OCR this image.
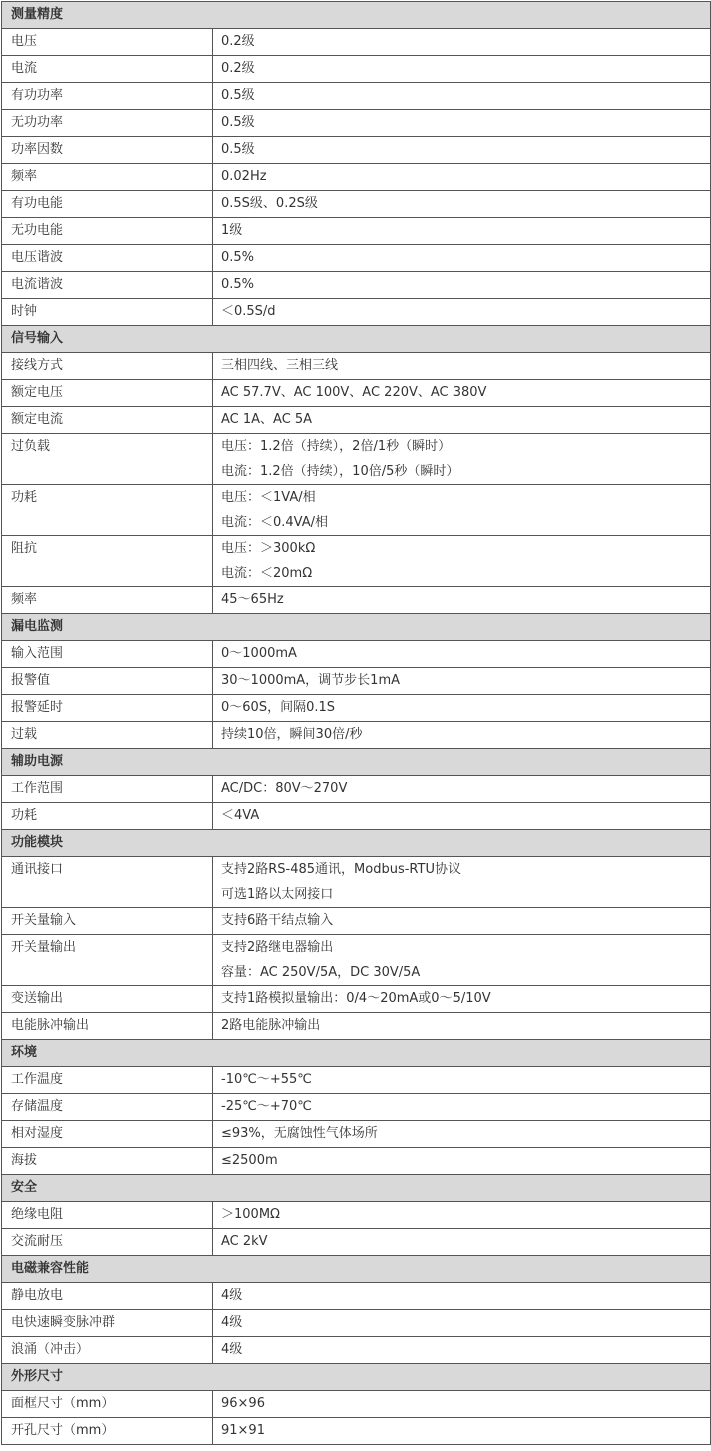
测量精度	
电压	0.2级
电流	0.2级
有功功率	0.5级
无功功率	0.5级
功率因数	0.5级
频率	0.02Hz
有功电能	0.5S级、0.2S级
无功电能	1级
电压谐波	0.5%
电流谐波	0.5%
时钟	＜0.5S/d
信号输入	
接线方式	三相四线、三相三线
额定电压	AC 57.7V、AC 100V、AC 220V、AC 380V
额定电流	AC 1A、AC 5A

过负载	电压：1.2倍（持续），2倍/1秒（瞬时）
电流：1.2倍（持续），10倍/5秒（瞬时）

功耗	电压：＜1VA/相
电流：＜0.4VA/相

阻抗	电压：＞300kΩ
电流：＜20mΩ

频率	45～65Hz
漏电监测	
输入范围	0～1000mA
报警值	30～1000mA，调节步长1mA
报警延时	0～60S，间隔0.1S
过载	持续10倍，瞬间30倍/秒
辅助电源	
工作范围	AC/DC：80V～270V
功耗	＜4VA
功能模块	

通讯接口	支持2路RS-485通讯，Modbus-RTU协议
可选1路以太网接口

开关量输入	支持6路干结点输入

开关量输出	支持2路继电器输出
容量：AC 250V/5A，DC 30V/5A

变送输出	支持1路模拟量输出：0/4～20mA或0～5/10V
电能脉冲输出	2路电能脉冲输出
环境	
工作温度	-10℃～+55℃
存储温度	-25℃～+70℃
相对湿度	≤93%，无腐蚀性气体场所
海拔	≤2500m
安全	
绝缘电阻	＞100MΩ
交流耐压	AC 2kV
电磁兼容性能	
静电放电	4级
电快速瞬变脉冲群	4级
浪涌（冲击）	4级
外形尺寸	
面框尺寸（mm）	96×96
开孔尺寸（mm）	91×91
